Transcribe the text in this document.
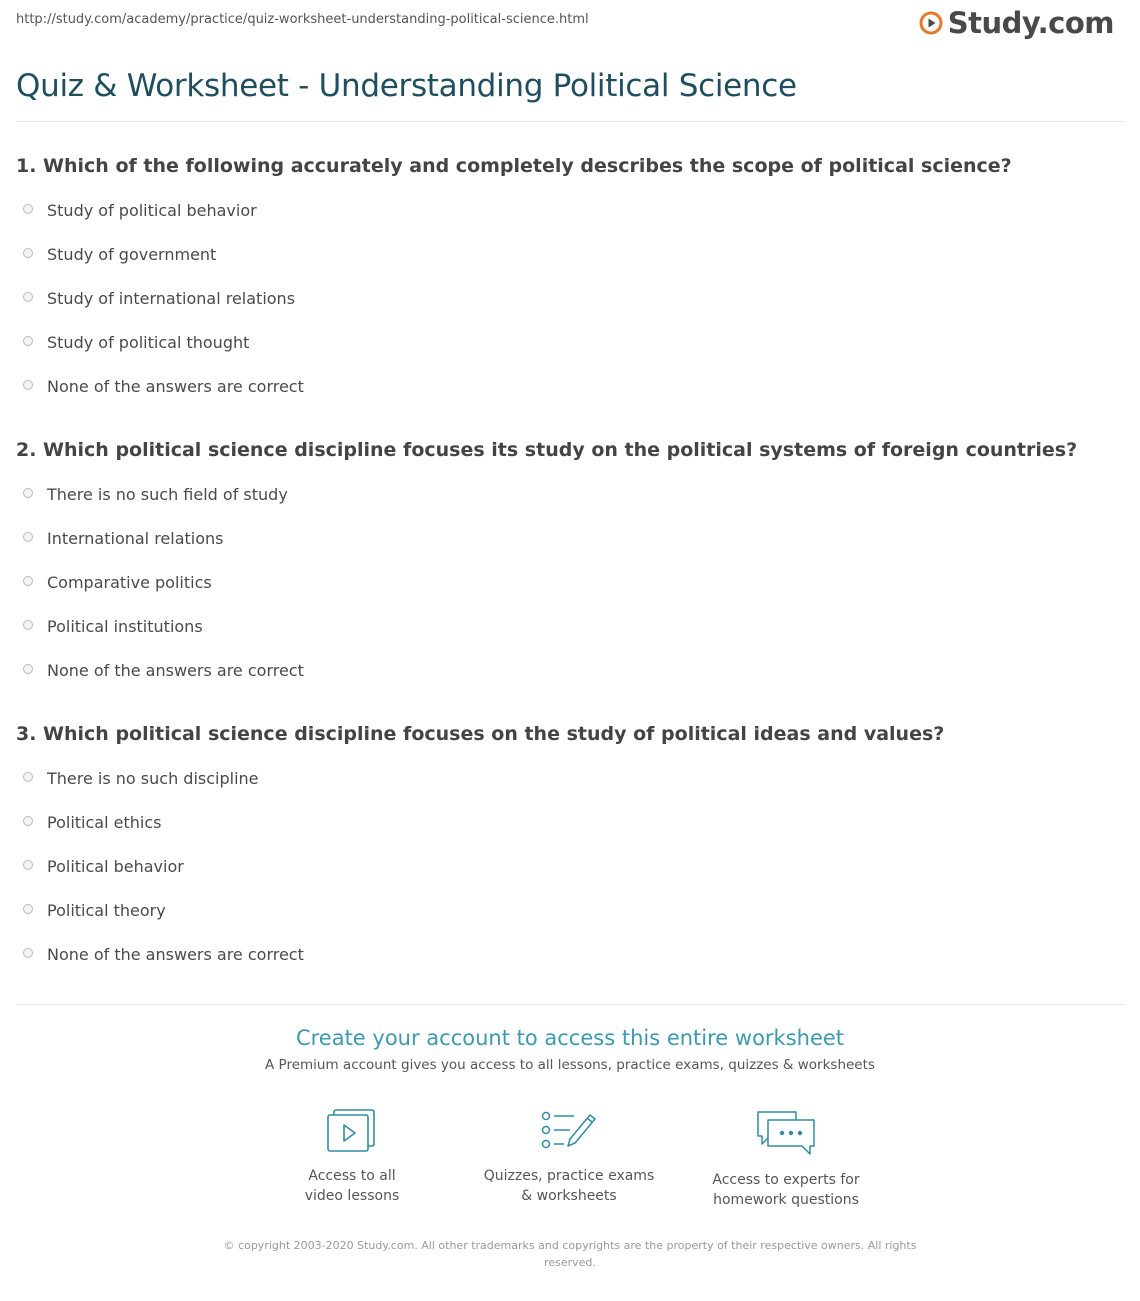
http://study.com/academy/practice/quiz-worksheet-understanding-political-science.html	Study.com
Quiz & Worksheet - Understanding Political Science
1. Which of the following accurately and completely describes the scope of political science?
Study of political behavior
Study of government
Study of international relations
Study of political thought
None of the answers are correct
2. Which political science discipline focuses its study on the political systems of foreign countries?
There is no such field of study
International relations
Comparative politics
Political institutions
None of the answers are correct
3. Which political science discipline focuses on the study of political ideas and values?
There is no such discipline
Political ethics
Political behavior
Political theory
None of the answers are correct
Create your account to access this entire worksheet
A Premium account gives you access to all lessons, practice exams, quizzes & worksheets
Access to all
video lessons
Quizzes, practice exams
& worksheets
Access to experts for
homework questions
© copyright 2003-2020 Study.com. All other trademarks and copyrights are the property of their respective owners. All rights
reserved.
